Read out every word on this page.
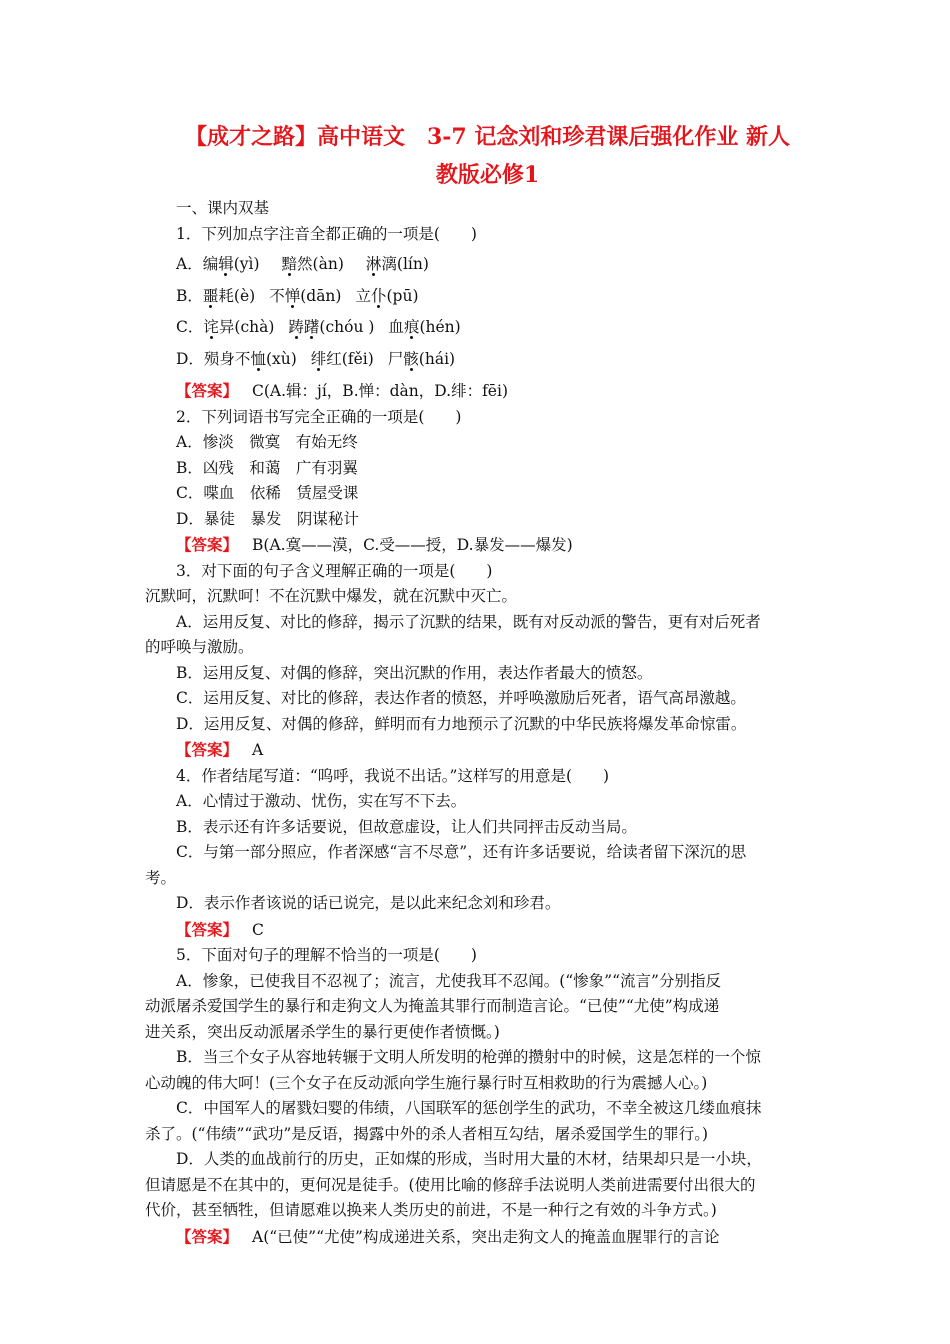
【成才之路】高中语文　3-7 记念刘和珍君课后强化作业 新人
教版必修1

一、课内双基

1．下列加点字注音全都正确的一项是(　　)

A．编辑(yì) 黯然(àn) 淋漓(lín)

B．噩耗(è) 不惮(dān) 立仆(pū)

C．诧异(chà) 踌躇(chóu ) 血痕(hén)

D．殒身不恤(xù) 绯红(fěi) 尸骸(hái)

【答案】 C(A.辑：jí，B.惮：dàn，D.绯：fēi)

2．下列词语书写完全正确的一项是(　　)

A．惨淡　微寞　有始无终

B．凶残　和蔼　广有羽翼

C．喋血　依稀　赁屋受课

D．暴徒　暴发　阴谋秘计

【答案】 B(A.寞——漠，C.受——授，D.暴发——爆发)

3．对下面的句子含义理解正确的一项是(　　)

沉默呵，沉默呵！不在沉默中爆发，就在沉默中灭亡。

A．运用反复、对比的修辞，揭示了沉默的结果，既有对反动派的警告，更有对后死者

的呼唤与激励。

B．运用反复、对偶的修辞，突出沉默的作用，表达作者最大的愤怒。

C．运用反复、对比的修辞，表达作者的愤怒，并呼唤激励后死者，语气高昂激越。

D．运用反复、对偶的修辞，鲜明而有力地预示了沉默的中华民族将爆发革命惊雷。

【答案】 A

4．作者结尾写道：“呜呼，我说不出话。”这样写的用意是(　　)

A．心情过于激动、忧伤，实在写不下去。

B．表示还有许多话要说，但故意虚设，让人们共同抨击反动当局。

C．与第一部分照应，作者深感“言不尽意”，还有许多话要说，给读者留下深沉的思

考。

D．表示作者该说的话已说完，是以此来纪念刘和珍君。

【答案】 C

5．下面对句子的理解不恰当的一项是(　　)

A．惨象，已使我目不忍视了；流言，尤使我耳不忍闻。(“惨象”“流言”分别指反

动派屠杀爱国学生的暴行和走狗文人为掩盖其罪行而制造言论。“已使”“尤使”构成递

进关系，突出反动派屠杀学生的暴行更使作者愤慨。)

B．当三个女子从容地转辗于文明人所发明的枪弹的攒射中的时候，这是怎样的一个惊

心动魄的伟大呵！(三个女子在反动派向学生施行暴行时互相救助的行为震撼人心。)

C．中国军人的屠戮妇婴的伟绩，八国联军的惩创学生的武功，不幸全被这几缕血痕抹

杀了。(“伟绩”“武功”是反语，揭露中外的杀人者相互勾结，屠杀爱国学生的罪行。)

D．人类的血战前行的历史，正如煤的形成，当时用大量的木材，结果却只是一小块，

但请愿是不在其中的，更何况是徒手。(使用比喻的修辞手法说明人类前进需要付出很大的

代价，甚至牺牲，但请愿难以换来人类历史的前进，不是一种行之有效的斗争方式。)

【答案】 A(“已使”“尤使”构成递进关系，突出走狗文人的掩盖血腥罪行的言论
